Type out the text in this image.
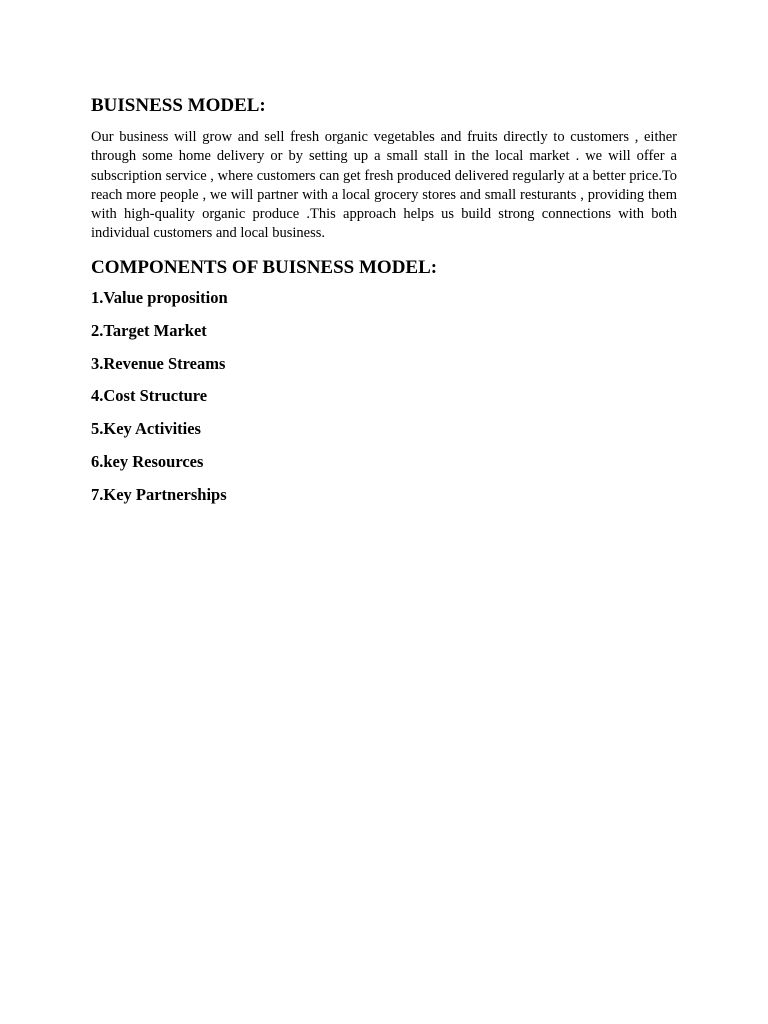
BUISNESS MODEL:

Our business will grow and sell fresh organic vegetables and fruits directly to customers , either through some home delivery or by setting up a small stall in the local market . we will offer a subscription service , where customers can get fresh produced delivered regularly at a better price.To reach more people , we will partner with a local grocery stores and small resturants , providing them with high-quality organic produce .This approach helps us build strong connections with both individual customers and local business.

COMPONENTS OF BUISNESS MODEL:
1.Value proposition
2.Target Market
3.Revenue Streams
4.Cost Structure
5.Key Activities
6.key Resources
7.Key Partnerships
